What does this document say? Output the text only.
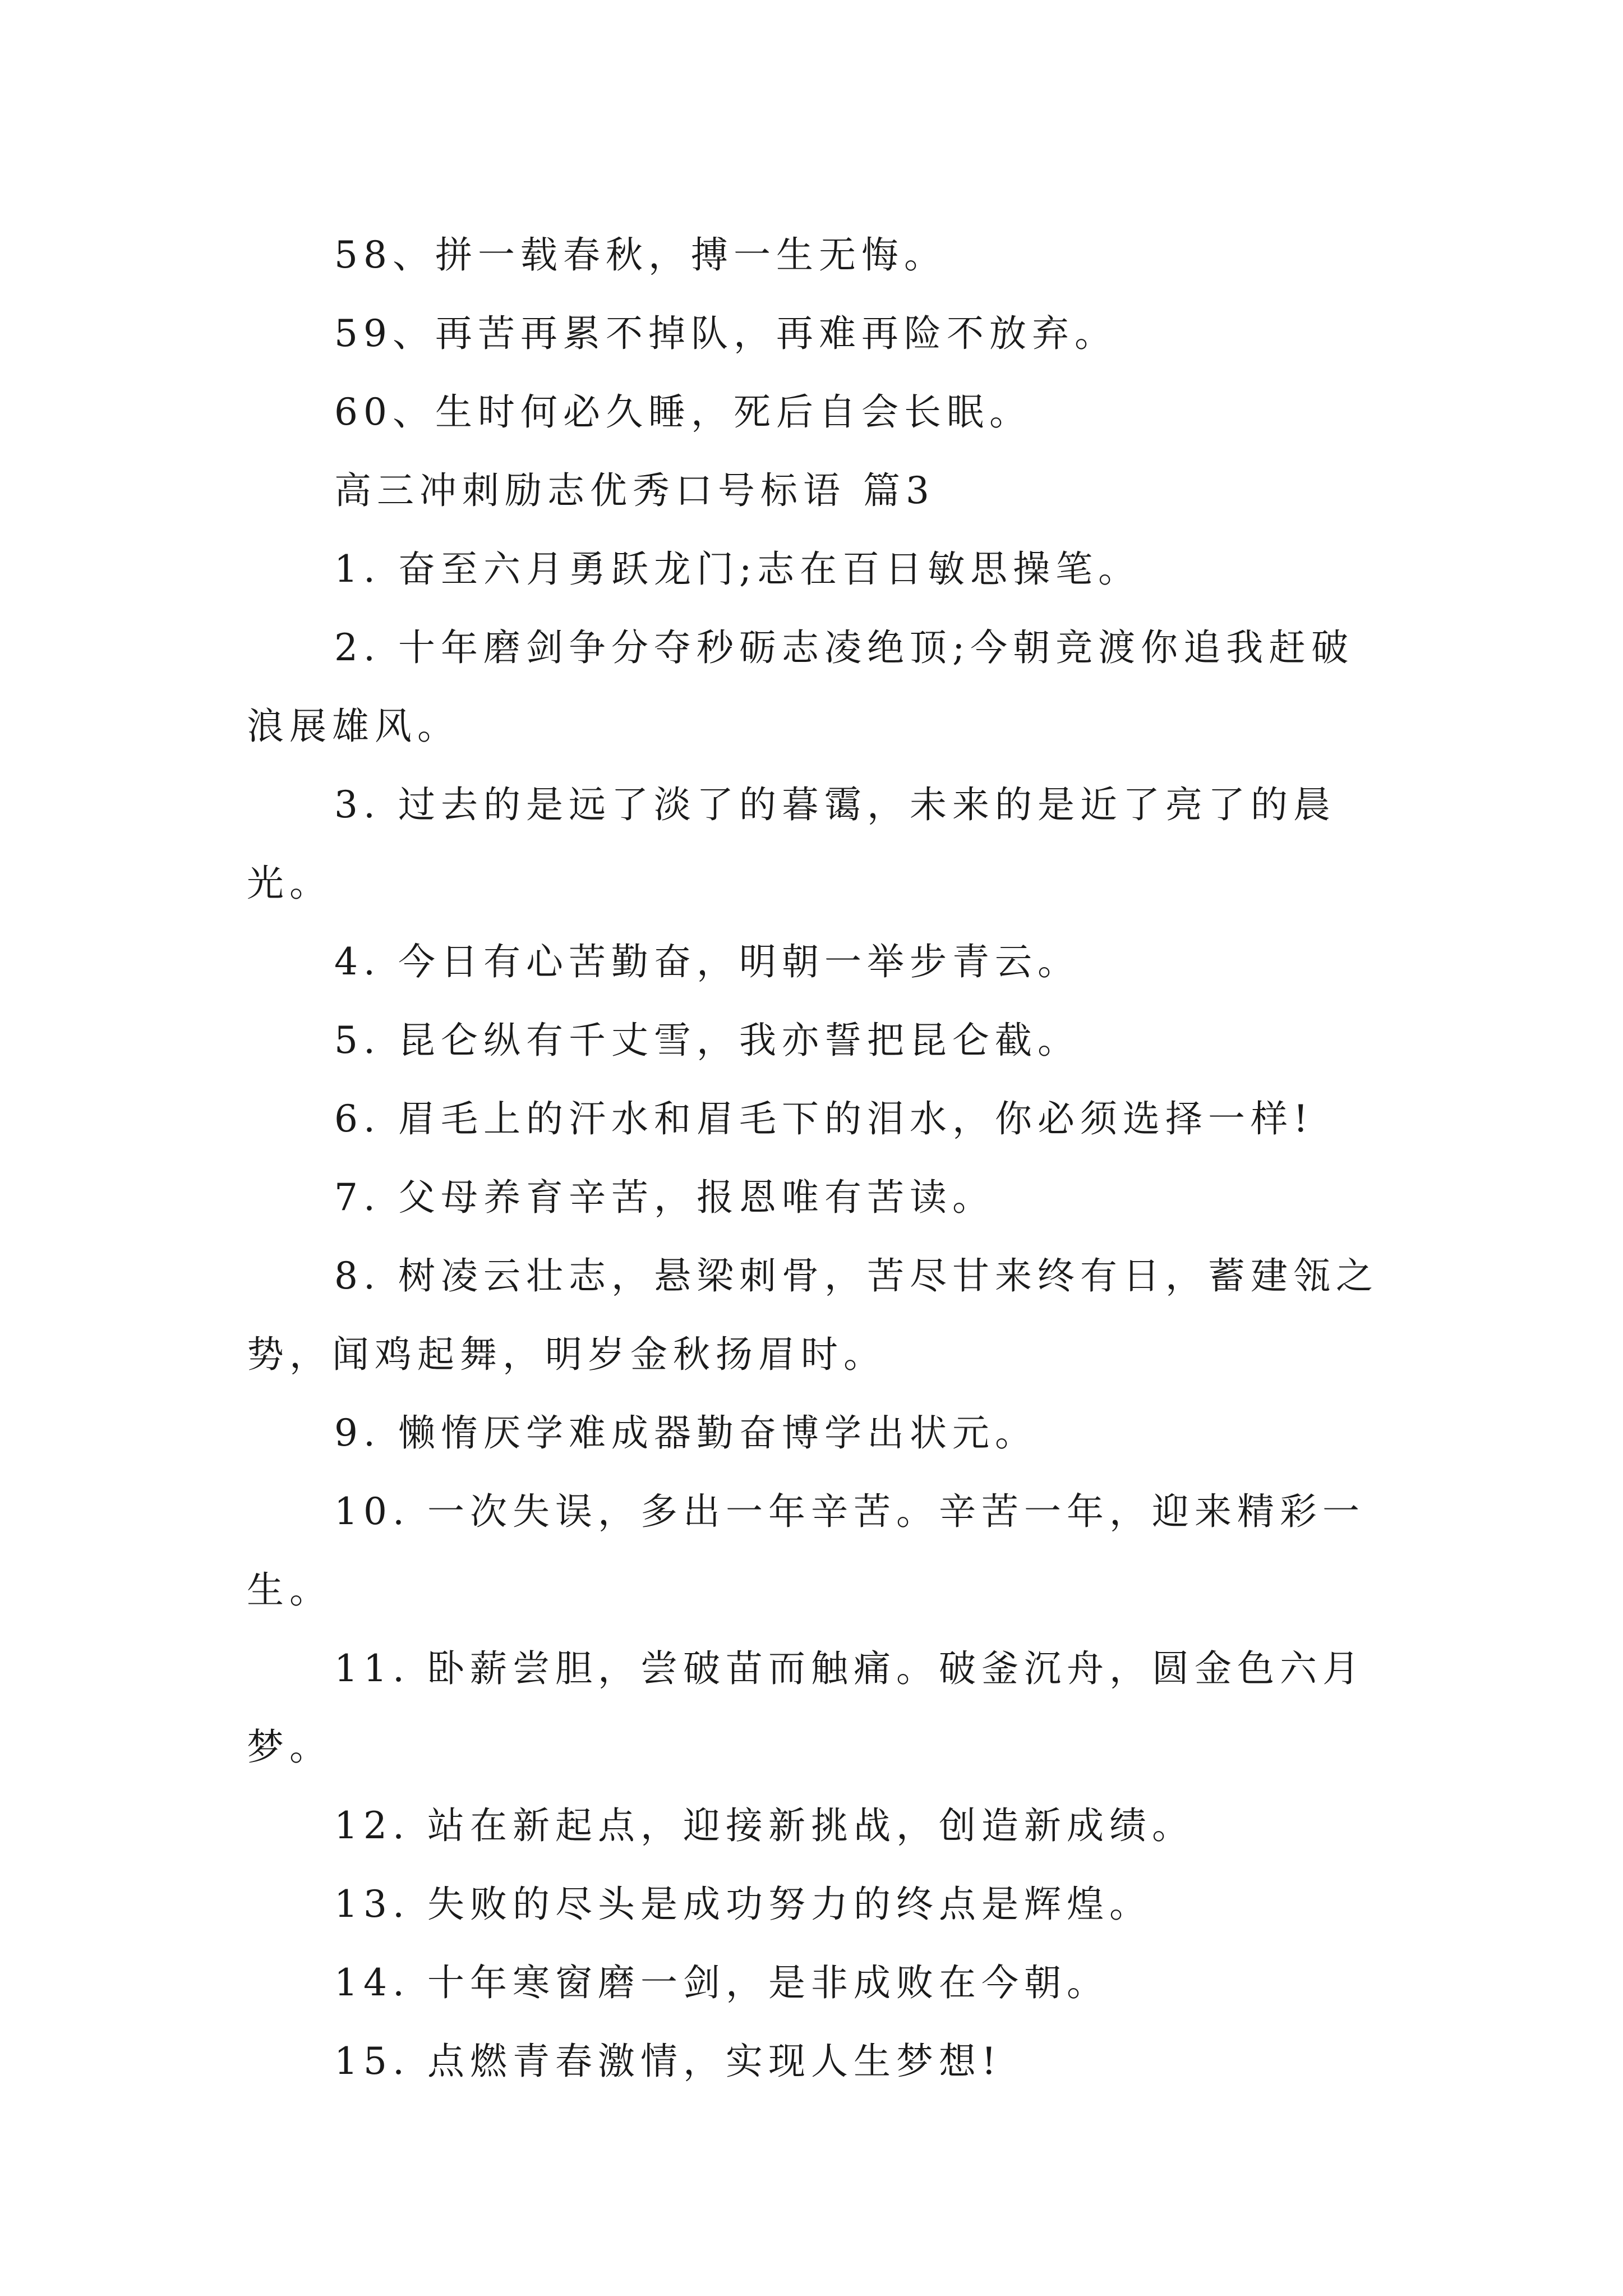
58、拼一载春秋，搏一生无悔。

59、再苦再累不掉队，再难再险不放弃。

60、生时何必久睡，死后自会长眠。

高三冲刺励志优秀口号标语 篇3

1. 奋至六月勇跃龙门;志在百日敏思操笔。

2. 十年磨剑争分夺秒砺志凌绝顶;今朝竞渡你追我赶破浪展雄风。

3. 过去的是远了淡了的暮霭，未来的是近了亮了的晨光。

4. 今日有心苦勤奋，明朝一举步青云。

5. 昆仑纵有千丈雪，我亦誓把昆仑截。

6. 眉毛上的汗水和眉毛下的泪水，你必须选择一样!

7. 父母养育辛苦，报恩唯有苦读。

8. 树凌云壮志，悬梁刺骨，苦尽甘来终有日，蓄建瓴之势，闻鸡起舞，明岁金秋扬眉时。

9. 懒惰厌学难成器勤奋博学出状元。

10. 一次失误，多出一年辛苦。辛苦一年，迎来精彩一生。

11. 卧薪尝胆，尝破苗而触痛。破釜沉舟，圆金色六月梦。

12. 站在新起点，迎接新挑战，创造新成绩。

13. 失败的尽头是成功努力的终点是辉煌。

14. 十年寒窗磨一剑，是非成败在今朝。

15. 点燃青春激情，实现人生梦想!
